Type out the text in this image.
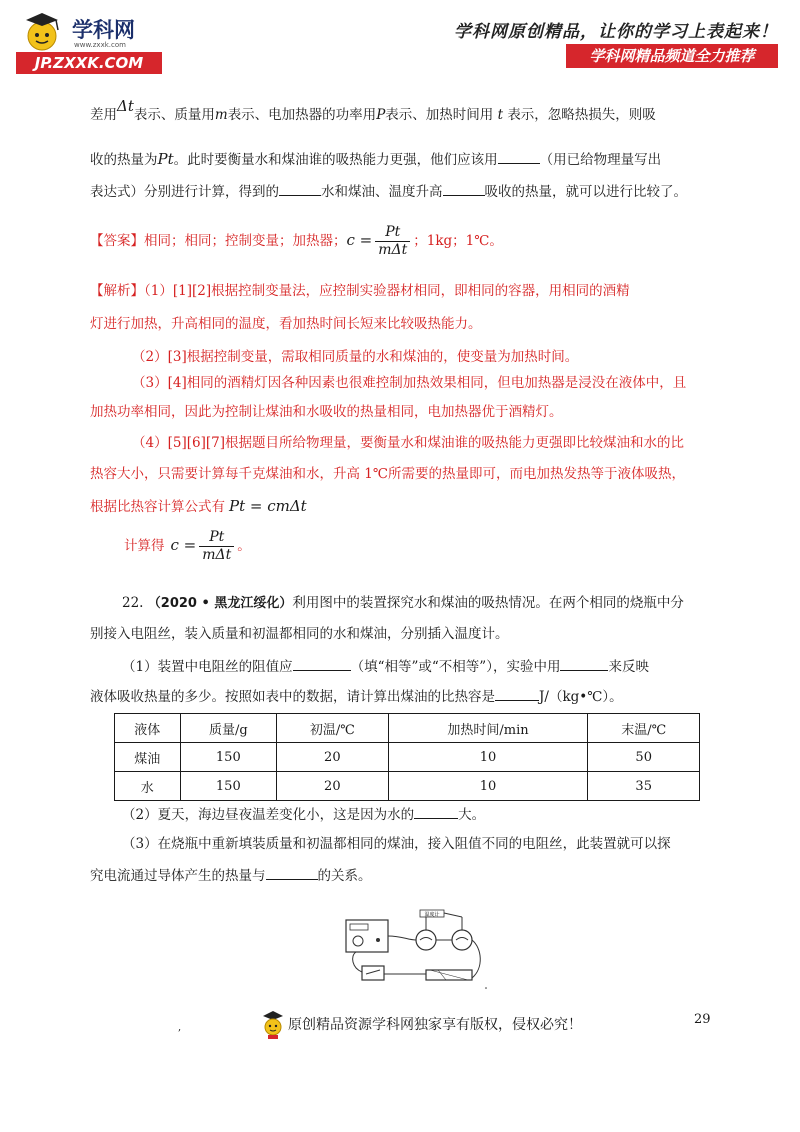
学科网
www.zxxk.com
JP.ZXXK.COM
学科网原创精品，让你的学习上表起来！
学科网精品频道全力推荐
差用Δt表示、质量用m表示、电加热器的功率用P表示、加热时间用 t 表示，忽略热损失，则吸
收的热量为Pt。此时要衡量水和煤油谁的吸热能力更强，他们应该用	（用已给物理量写出
表达式）分别进行计算，得到的	水和煤油、温度升高	吸收的热量，就可以进行比较了。
【答案】相同；相同；控制变量；加热器；$c = \frac{Pt}{\text{mΔt}}$ ；1kg；1℃。
【解析】（1）[1][2]根据控制变量法，应控制实验器材相同，即相同的容器，用相同的酒精
灯进行加热，升高相同的温度，看加热时间长短来比较吸热能力。
（2）[3]根据控制变量，需取相同质量的水和煤油的，使变量为加热时间。
（3）[4]相同的酒精灯因各种因素也很难控制加热效果相同，但电加热器是浸没在液体中，且
加热功率相同，因此为控制让煤油和水吸收的热量相同，电加热器优于酒精灯。
（4）[5][6][7]根据题目所给物理量，要衡量水和煤油谁的吸热能力更强即比较煤油和水的比
热容大小，只需要计算每千克煤油和水，升高 1℃所需要的热量即可，而电加热发热等于液体吸热，
根据比热容计算公式有 Pt = cmΔt
计算得 $c = \frac{Pt}{\text{mΔt}}$ 。
22. （2020 • 黑龙江绥化）利用图中的装置探究水和煤油的吸热情况。在两个相同的烧瓶中分
别接入电阻丝，装入质量和初温都相同的水和煤油，分别插入温度计。
（1）装置中电阻丝的阻值应	（填“相等”或“不相等”），实验中用	来反映
液体吸收热量的多少。按照如表中的数据，请计算出煤油的比热容是	J/（kg•℃）。
液体	质量/g	初温/℃	加热时间/min	末温/℃
煤油	150	20	10	50
水	150	20	10	35
（2）夏天，海边昼夜温差变化小，这是因为水的	大。
（3）在烧瓶中重新填装质量和初温都相同的煤油，接入阻值不同的电阻丝，此装置就可以探
究电流通过导体产生的热量与	的关系。
温度计
29
,	原创精品资源学科网独家享有版权，侵权必究！
